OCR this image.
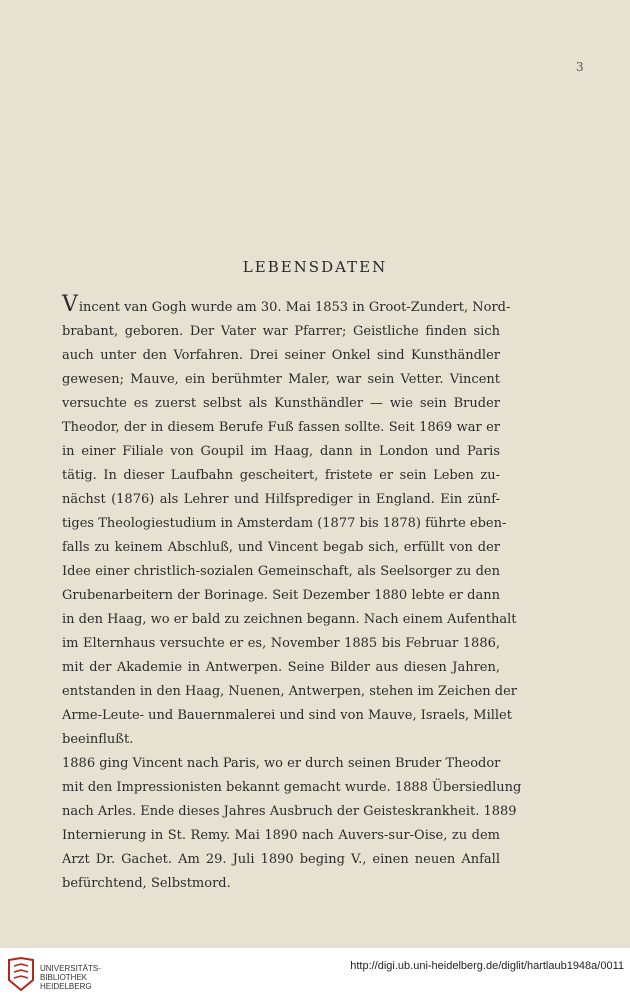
3
LEBENSDATEN
Vincent van Gogh wurde am 30. Mai 1853 in Groot-Zundert, Nord-
brabant, geboren. Der Vater war Pfarrer; Geistliche finden sich
auch unter den Vorfahren. Drei seiner Onkel sind Kunsthändler
gewesen; Mauve, ein berühmter Maler, war sein Vetter. Vincent
versuchte es zuerst selbst als Kunsthändler — wie sein Bruder
Theodor, der in diesem Berufe Fuß fassen sollte. Seit 1869 war er
in einer Filiale von Goupil im Haag, dann in London und Paris
tätig. In dieser Laufbahn gescheitert, fristete er sein Leben zu-
nächst (1876) als Lehrer und Hilfsprediger in England. Ein zünf-
tiges Theologiestudium in Amsterdam (1877 bis 1878) führte eben-
falls zu keinem Abschluß, und Vincent begab sich, erfüllt von der
Idee einer christlich-sozialen Gemeinschaft, als Seelsorger zu den
Grubenarbeitern der Borinage. Seit Dezember 1880 lebte er dann
in den Haag, wo er bald zu zeichnen begann. Nach einem Aufenthalt
im Elternhaus versuchte er es, November 1885 bis Februar 1886,
mit der Akademie in Antwerpen. Seine Bilder aus diesen Jahren,
entstanden in den Haag, Nuenen, Antwerpen, stehen im Zeichen der
Arme-Leute- und Bauernmalerei und sind von Mauve, Israels, Millet
beeinflußt.
1886 ging Vincent nach Paris, wo er durch seinen Bruder Theodor
mit den Impressionisten bekannt gemacht wurde. 1888 Übersiedlung
nach Arles. Ende dieses Jahres Ausbruch der Geisteskrankheit. 1889
Internierung in St. Remy. Mai 1890 nach Auvers-sur-Oise, zu dem
Arzt Dr. Gachet. Am 29. Juli 1890 beging V., einen neuen Anfall
befürchtend, Selbstmord.
UNIVERSITÄTS-
BIBLIOTHEK
HEIDELBERG
http://digi.ub.uni-heidelberg.de/diglit/hartlaub1948a/0011
